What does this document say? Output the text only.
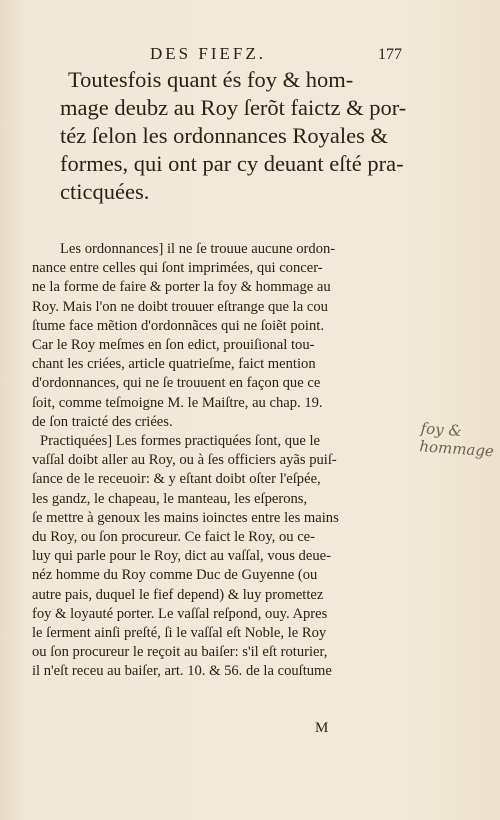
DES FIEFZ.	177

Toutesfois quant és foy & hom-
mage deubz au Roy ſerõt faictz & por-
téz ſelon les ordonnances Royales &
formes, qui ont par cy deuant eſté pra-
cticquées.

Les ordonnances] il ne ſe trouue aucune ordon-
nance entre celles qui ſont imprimées, qui concer-
ne la forme de faire & porter la foy & hommage au
Roy. Mais l'on ne doibt trouuer eſtrange que la cou
ſtume face mẽtion d'ordonnãces qui ne ſoiẽt point.
Car le Roy meſmes en ſon edict, prouiſional tou-
chant les criées, article quatrieſme, faict mention
d'ordonnances, qui ne ſe trouuent en façon que ce
ſoit, comme teſmoigne M. le Maiſtre, au chap. 19.
de ſon traicté des criées.
Practiquées] Les formes practiquées ſont, que le
vaſſal doibt aller au Roy, ou à ſes officiers ayãs puiſ-
ſance de le receuoir: & y eſtant doibt oſter l'eſpée,
les gandz, le chapeau, le manteau, les eſperons,
ſe mettre à genoux les mains ioinctes entre les mains
du Roy, ou ſon procureur. Ce faict le Roy, ou ce-
luy qui parle pour le Roy, dict au vaſſal, vous deue-
néz homme du Roy comme Duc de Guyenne (ou
autre pais, duquel le fief depend) & luy promettez
foy & loyauté porter. Le vaſſal reſpond, ouy. Apres
le ſerment ainſi preſté, ſi le vaſſal eſt Noble, le Roy
ou ſon procureur le reçoit au baiſer: s'il eſt roturier,
il n'eſt receu au baiſer, art. 10. & 56. de la couſtume

M
foy & hommage
